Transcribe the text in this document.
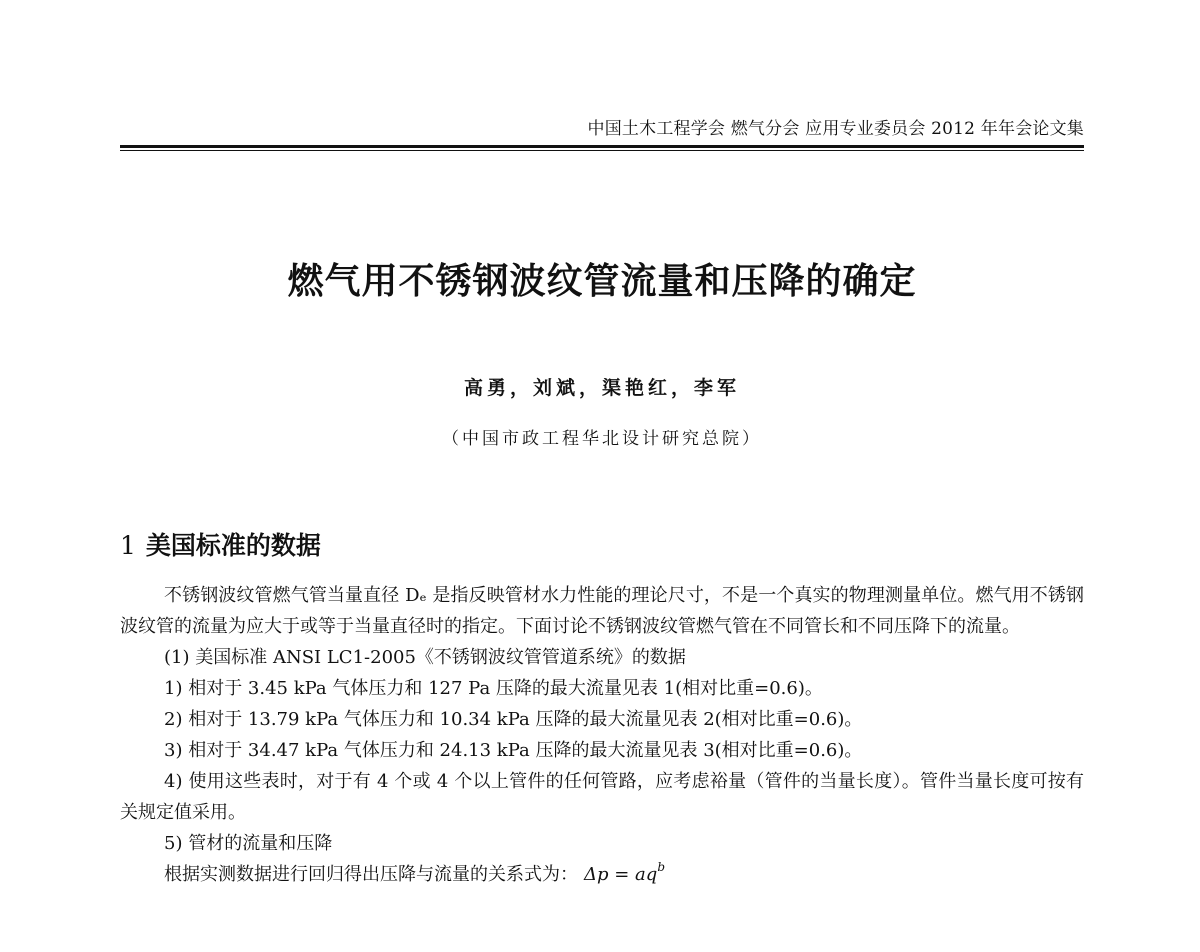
中国土木工程学会 燃气分会 应用专业委员会 2012 年年会论文集
燃气用不锈钢波纹管流量和压降的确定
高勇，刘斌，渠艳红，李军
（中国市政工程华北设计研究总院）
1 美国标准的数据

不锈钢波纹管燃气管当量直径 Dₑ 是指反映管材水力性能的理论尺寸，不是一个真实的物理测量单位。燃气用不锈钢波纹管的流量为应大于或等于当量直径时的指定。下面讨论不锈钢波纹管燃气管在不同管长和不同压降下的流量。

(1) 美国标准 ANSI LC1-2005《不锈钢波纹管管道系统》的数据

1) 相对于 3.45 kPa 气体压力和 127 Pa 压降的最大流量见表 1(相对比重=0.6)。

2) 相对于 13.79 kPa 气体压力和 10.34 kPa 压降的最大流量见表 2(相对比重=0.6)。

3) 相对于 34.47 kPa 气体压力和 24.13 kPa 压降的最大流量见表 3(相对比重=0.6)。

4) 使用这些表时，对于有 4 个或 4 个以上管件的任何管路，应考虑裕量（管件的当量长度）。管件当量长度可按有关规定值采用。

5) 管材的流量和压降

根据实测数据进行回归得出压降与流量的关系式为： $\Delta p = aq^b$
